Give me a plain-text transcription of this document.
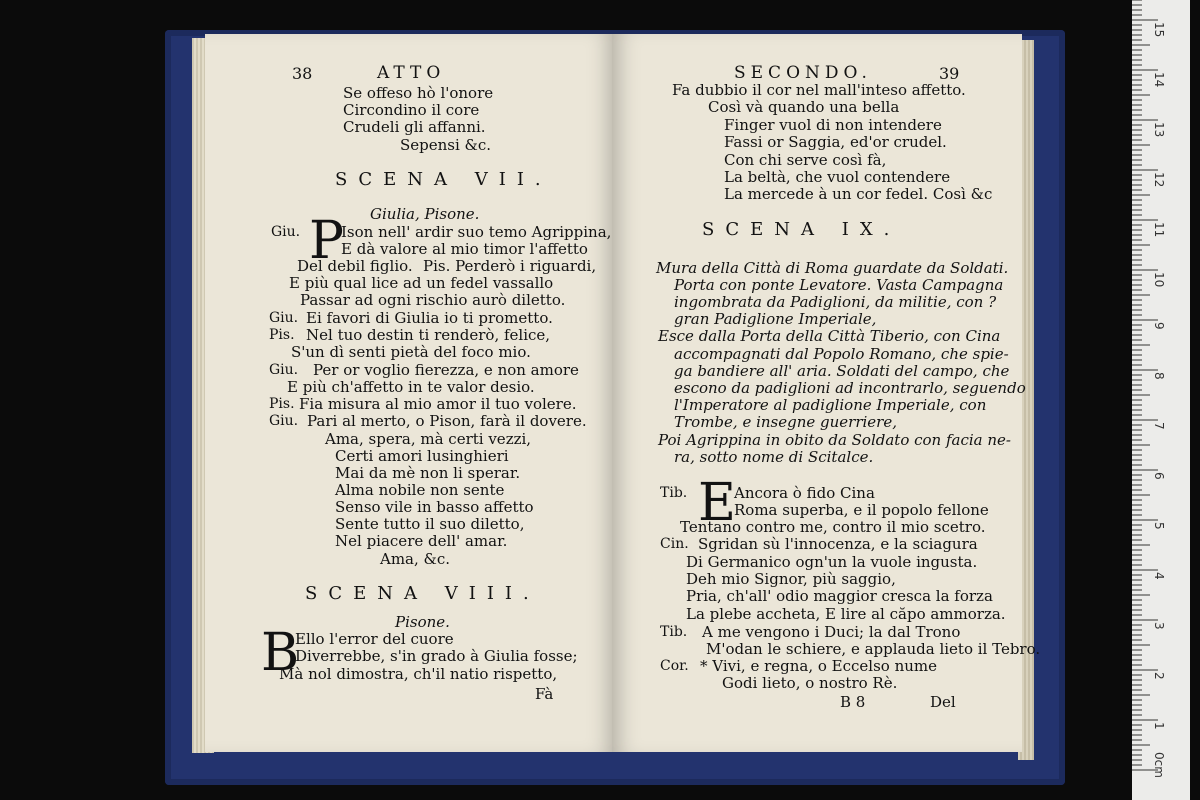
38	ATTO
Se offeso hò l'onore
Circondino il core
Crudeli gli affanni.
Sepensi &c.
SCENA VII.
Giulia, Pisone.
Giu. P
Ison nell' ardir suo temo Agrippina,
E dà valore al mio timor l'affetto
Del debil figlio. Pis. Perderò i riguardi,
E più qual lice ad un fedel vassallo
Passar ad ogni rischio aurò diletto.
Giu. Ei favori di Giulia io ti prometto.
Pis. Nel tuo destin ti renderò, felice,
S'un dì senti pietà del foco mio.
Giu. Per or voglio fierezza, e non amore
E più ch'affetto in te valor desio.
Pis. Fia misura al mio amor il tuo volere.
Giu. Pari al merto, o Pison, farà il dovere.
Ama, spera, mà certi vezzi,
Certi amori lusinghieri
Mai da mè non li sperar.
Alma nobile non sente
Senso vile in basso affetto
Sente tutto il suo diletto,
Nel piacere dell' amar.
Ama, &c.
SCENA VIII.
Pisone.
B
Ello l'error del cuore
Diverrebbe, s'in grado à Giulia fosse;
Mà nol dimostra, ch'il natio rispetto,
Fà
SECONDO.	39
Fa dubbio il cor nel mall'inteso affetto.
Così và quando una bella
Finger vuol di non intendere
Fassi or Saggia, ed'or crudel.
Con chi serve così fà,
La beltà, che vuol contendere
La mercede à un cor fedel. Così &c
SCENA IX.
Mura della Città di Roma guardate da Soldati.
Porta con ponte Levatore. Vasta Campagna
ingombrata da Padiglioni, da militie, con ?
gran Padiglione Imperiale,
Esce dalla Porta della Città Tiberio, con Cina
accompagnati dal Popolo Romano, che spie-
ga bandiere all' aria. Soldati del campo, che
escono da padiglioni ad incontrarlo, seguendo
l'Imperatore al padiglione Imperiale, con
Trombe, e insegne guerriere,
Poi Agrippina in obito da Soldato con facia ne-
ra, sotto nome di Scitalce.
Tib. E
Ancora ò fido Cina
Roma superba, e il popolo fellone
Tentano contro me, contro il mio scetro.
Cin. Sgridan sù l'innocenza, e la sciagura
Di Germanico ogn'un la vuole ingusta.
Deh mio Signor, più saggio,
Pria, ch'all' odio maggior cresca la forza
La plebe accheta, E lire al căpo ammorza.
Tib. A me vengono i Duci; la dal Trono
M'odan le schiere, e applauda lieto il Tebro.
Cor. * Vivi, e regna, o Eccelso nume
Godi lieto, o nostro Rè.
B 8	Del
0cm
1
2
3
4
5
6
7
8
9
10
11
12
13
14
15
